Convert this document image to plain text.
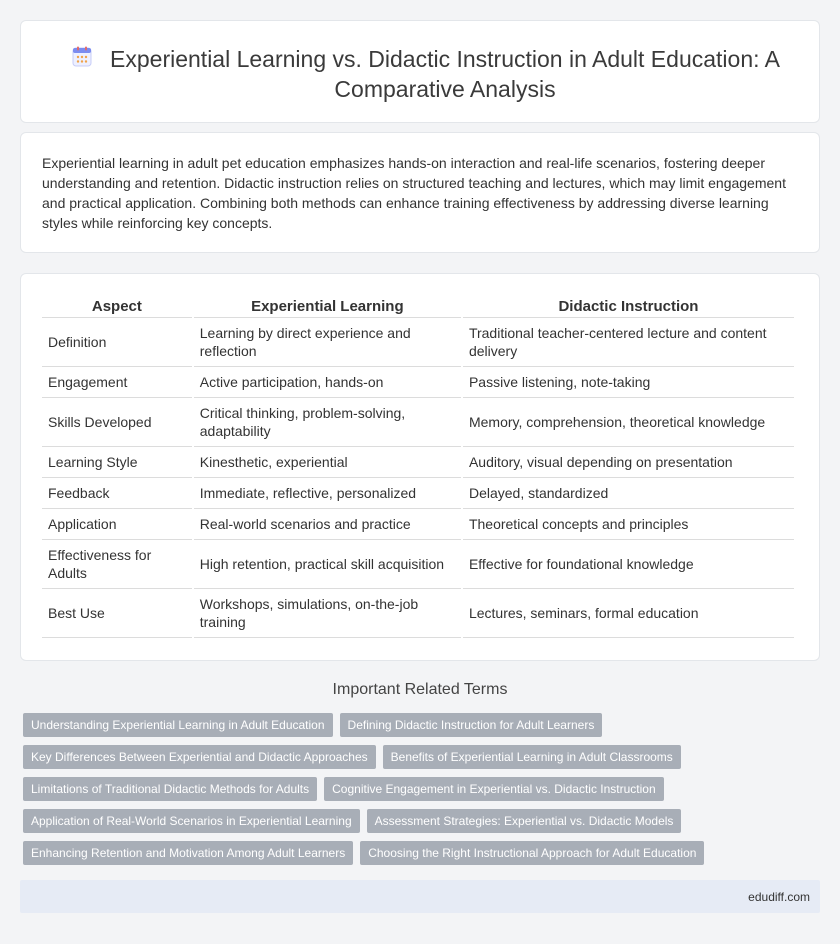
Experiential Learning vs. Didactic Instruction in Adult Education: A Comparative Analysis

Experiential learning in adult pet education emphasizes hands-on interaction and real-life scenarios, fostering deeper understanding and retention. Didactic instruction relies on structured teaching and lectures, which may limit engagement and practical application. Combining both methods can enhance training effectiveness by addressing diverse learning styles while reinforcing key concepts.

Aspect	Experiential Learning	Didactic Instruction
Definition	Learning by direct experience and reflection	Traditional teacher-centered lecture and content delivery
Engagement	Active participation, hands-on	Passive listening, note-taking
Skills Developed	Critical thinking, problem-solving, adaptability	Memory, comprehension, theoretical knowledge
Learning Style	Kinesthetic, experiential	Auditory, visual depending on presentation
Feedback	Immediate, reflective, personalized	Delayed, standardized
Application	Real-world scenarios and practice	Theoretical concepts and principles
Effectiveness for Adults	High retention, practical skill acquisition	Effective for foundational knowledge
Best Use	Workshops, simulations, on-the-job training	Lectures, seminars, formal education
Important Related Terms
Understanding Experiential Learning in Adult Education	Defining Didactic Instruction for Adult Learners
Key Differences Between Experiential and Didactic Approaches	Benefits of Experiential Learning in Adult Classrooms
Limitations of Traditional Didactic Methods for Adults	Cognitive Engagement in Experiential vs. Didactic Instruction
Application of Real-World Scenarios in Experiential Learning	Assessment Strategies: Experiential vs. Didactic Models
Enhancing Retention and Motivation Among Adult Learners	Choosing the Right Instructional Approach for Adult Education
edudiff.com
